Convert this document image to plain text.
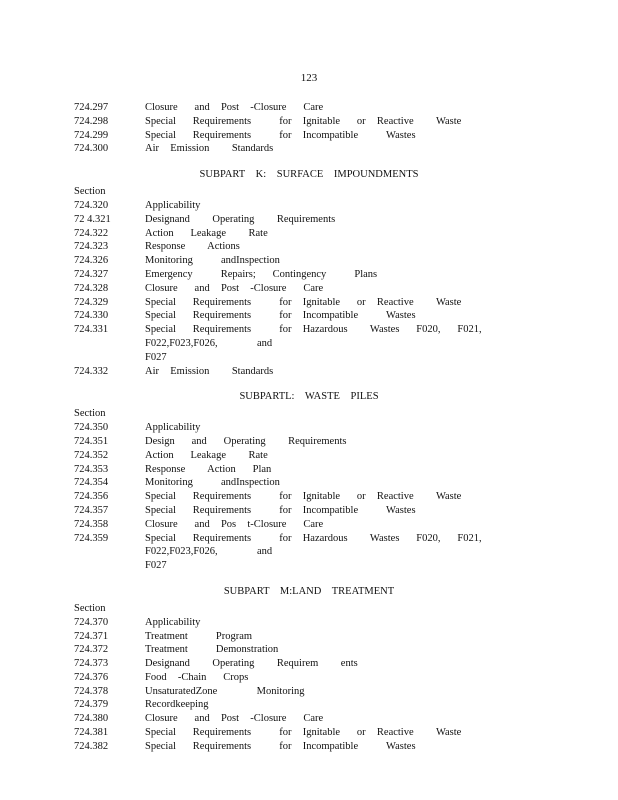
123
724.297	Closure   and  Post  -Closure   Care
724.298	Special   Requirements     for  Ignitable   or  Reactive    Waste
724.299	Special   Requirements     for  Incompatible     Wastes
724.300	Air  Emission    Standards
SUBPART K: SURFACE IMPOUNDMENTS
Section
724.320	Applicability
72 4.321	Designand    Operating    Requirements
724.322	Action   Leakage    Rate
724.323	Response    Actions
724.326	Monitoring     andInspection
724.327	Emergency     Repairs;   Contingency     Plans
724.328	Closure   and  Post  -Closure   Care
724.329	Special   Requirements     for  Ignitable   or  Reactive    Waste
724.330	Special   Requirements     for  Incompatible     Wastes
724.331	Special   Requirements     for  Hazardous    Wastes   F020,   F021,   F022,F023,F026,       and
F027
724.332	Air  Emission    Standards
SUBPARTL: WASTE PILES
Section
724.350	Applicability
724.351	Design   and   Operating    Requirements
724.352	Action   Leakage    Rate
724.353	Response    Action   Plan
724.354	Monitoring     andInspection
724.356	Special   Requirements     for  Ignitable   or  Reactive    Waste
724.357	Special   Requirements     for  Incompatible     Wastes
724.358	Closure   and  Pos  t-Closure   Care
724.359	Special   Requirements     for  Hazardous    Wastes   F020,   F021,   F022,F023,F026,       and
F027
SUBPART M:LAND TREATMENT
Section
724.370	Applicability
724.371	Treatment     Program
724.372	Treatment     Demonstration
724.373	Designand    Operating    Requirem    ents
724.376	Food  -Chain   Crops
724.378	UnsaturatedZone       Monitoring
724.379	Recordkeeping
724.380	Closure   and  Post  -Closure   Care
724.381	Special   Requirements     for  Ignitable   or  Reactive    Waste
724.382	Special   Requirements     for  Incompatible     Wastes
